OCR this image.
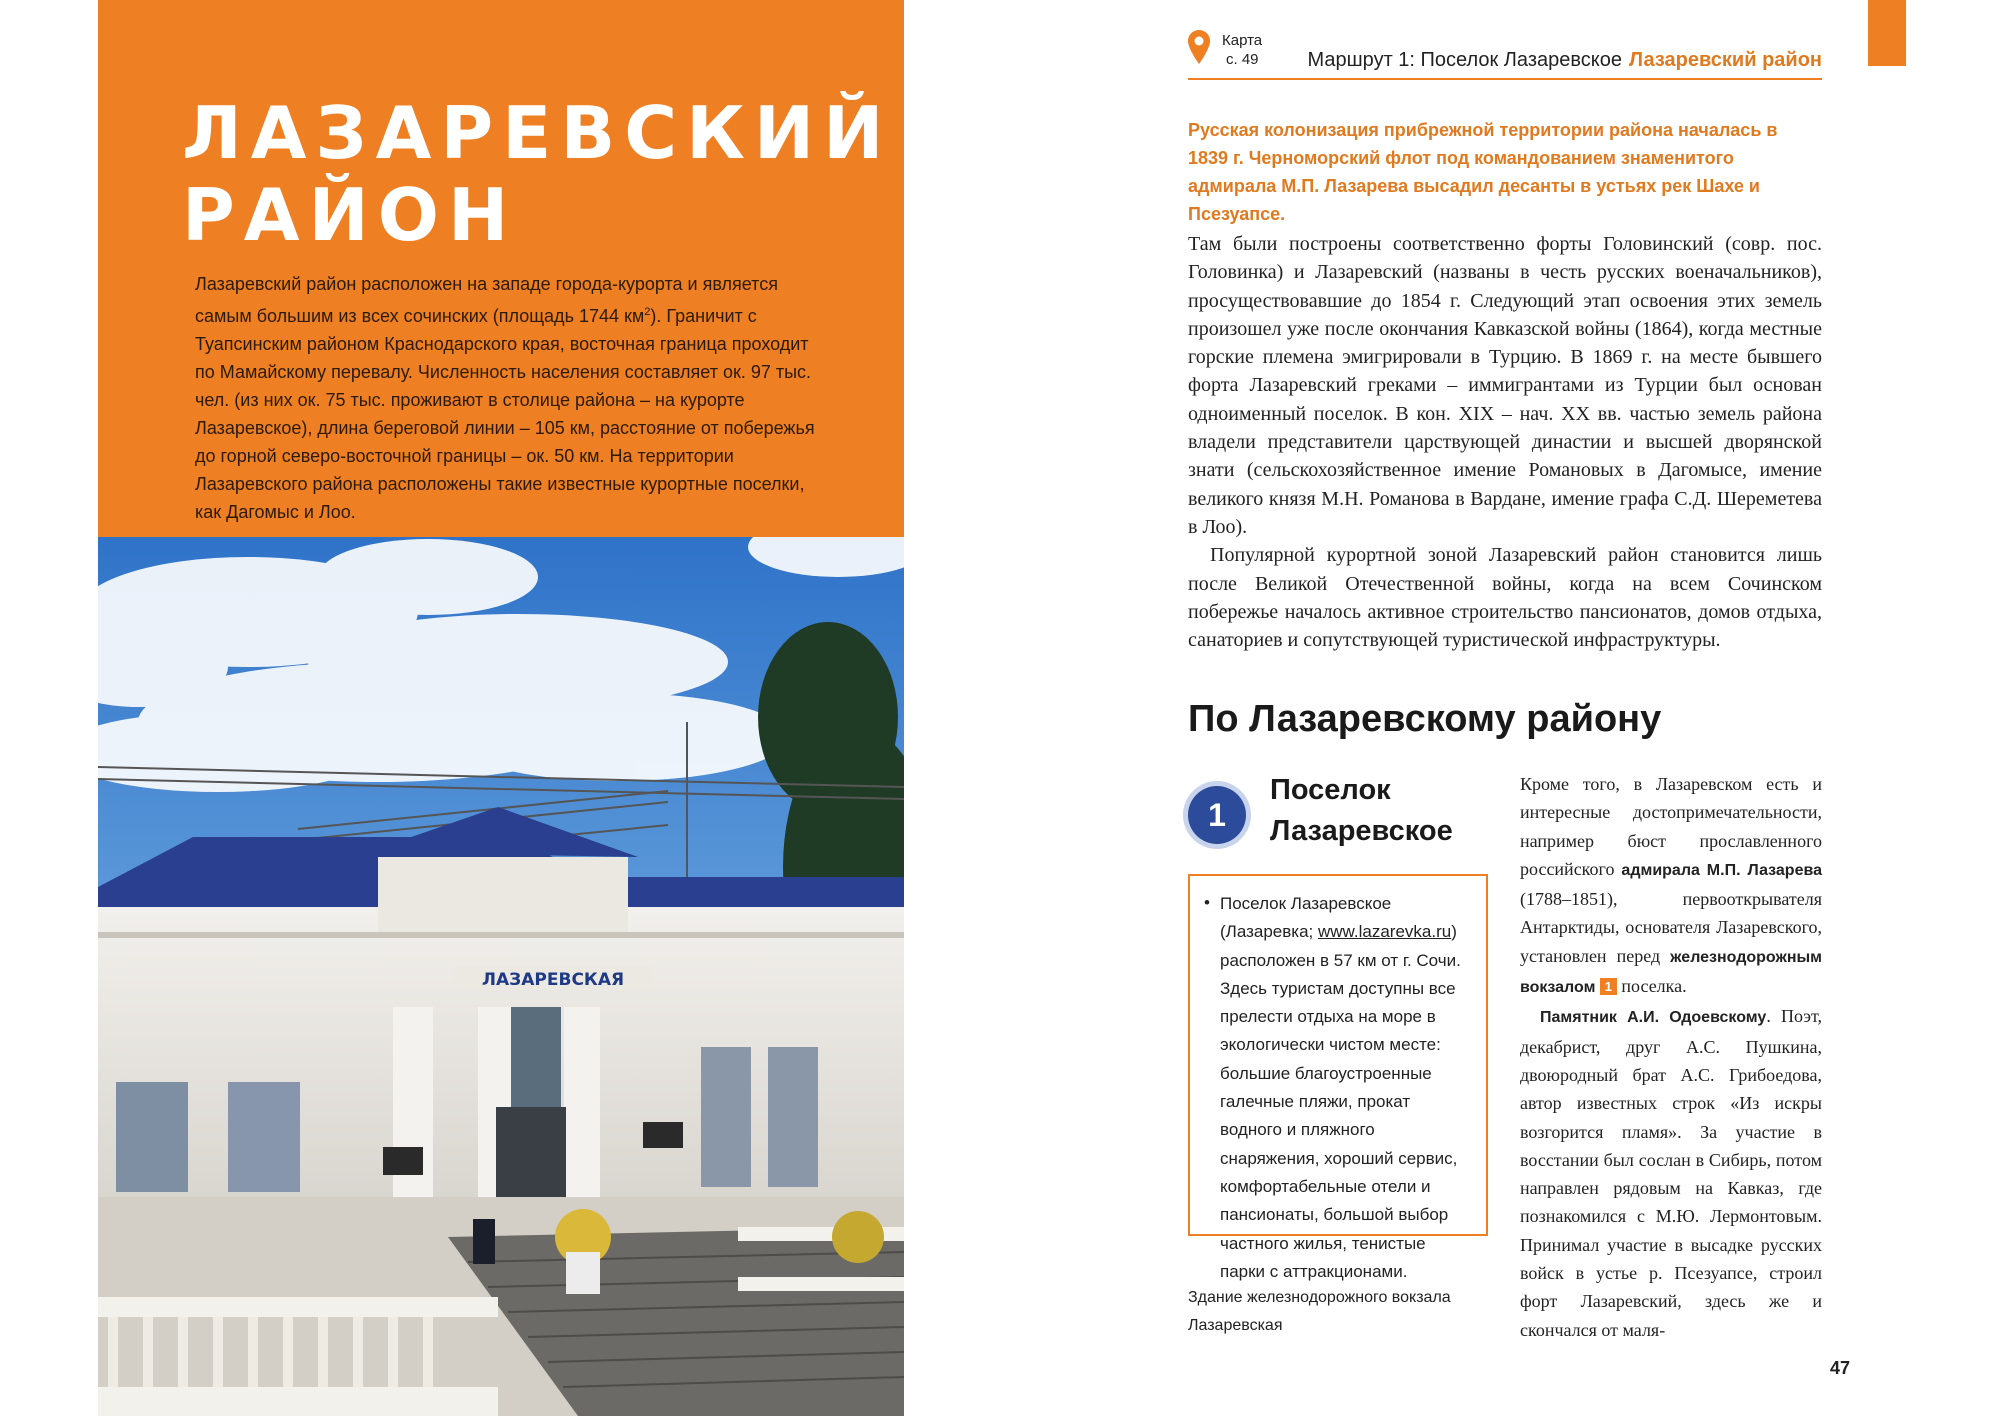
ЛАЗАРЕВСКИЙ
РАЙОН

Лазаревский район расположен на западе города-курорта и является самым большим из всех сочинских (площадь 1744 $км^2$). Граничит с Туапсинским районом Краснодарского края, восточная граница проходит по Мамайскому перевалу. Численность населения составляет ок. 97 тыс. чел. (из них ок. 75 тыс. проживают в столице района – на курорте Лазаревское), длина береговой линии – 105 км, расстояние от побережья до горной северо-восточной границы – ок. 50 км. На территории Лазаревского района расположены такие известные курортные поселки, как Дагомыс и Лоо.

ЛАЗАРЕВСКАЯ
Карта
с. 49 Маршрут 1: Поселок Лазаревское Лазаревский район

Русская колонизация прибрежной территории района началась в 1839 г. Черноморский флот под командованием знаменитого адмирала М.П. Лазарева высадил десанты в устьях рек Шахе и Псезуапсе.

Там были построены соответственно форты Головинский (совр. пос. Головинка) и Лазаревский (названы в честь русских военачальников), просуществовавшие до 1854 г. Следующий этап освоения этих земель произошел уже после окончания Кавказской войны (1864), когда местные горские племена эмигрировали в Турцию. В 1869 г. на месте бывшего форта Лазаревский греками – иммигрантами из Турции был основан одноименный поселок. В кон. XIX – нач. XX вв. частью земель района владели представители царствующей династии и высшей дворянской знати (сельскохозяйственное имение Романовых в Дагомысе, имение великого князя М.Н. Романова в Вардане, имение графа С.Д. Шереметева в Лоо).

Популярной курортной зоной Лазаревский район становится лишь после Великой Отечественной войны, когда на всем Сочинском побережье началось активное строительство пансионатов, домов отдыха, санаториев и сопутствующей туристической инфраструктуры.

По Лазаревскому району
1
Поселок
Лазаревское
• Поселок Лазаревское (Лазаревка; www.lazarevka.ru) расположен в 57 км от г. Сочи. Здесь туристам доступны все прелести отдыха на море в экологически чистом месте: большие благоустроенные галечные пляжи, прокат водного и пляжного снаряжения, хороший сервис, комфортабельные отели и пансионаты, большой выбор частного жилья, тенистые парки с аттракционами.

Здание железнодорожного вокзала
Лазаревская

Кроме того, в Лазаревском есть и интересные достопримечательности, например бюст прославленного российского адмирала М.П. Лазарева (1788–1851), первооткрывателя Антарктиды, основателя Лазаревского, установлен перед железнодорожным вокзалом 1 поселка.

Памятник А.И. Одоевскому. Поэт, декабрист, друг А.С. Пушкина, двоюродный брат А.С. Грибоедова, автор известных строк «Из искры возгорится пламя». За участие в восстании был сослан в Сибирь, потом направлен рядовым на Кавказ, где познакомился с М.Ю. Лермонтовым. Принимал участие в высадке русских войск в устье р. Псезуапсе, строил форт Лазаревский, здесь же и скончался от маля-

47
